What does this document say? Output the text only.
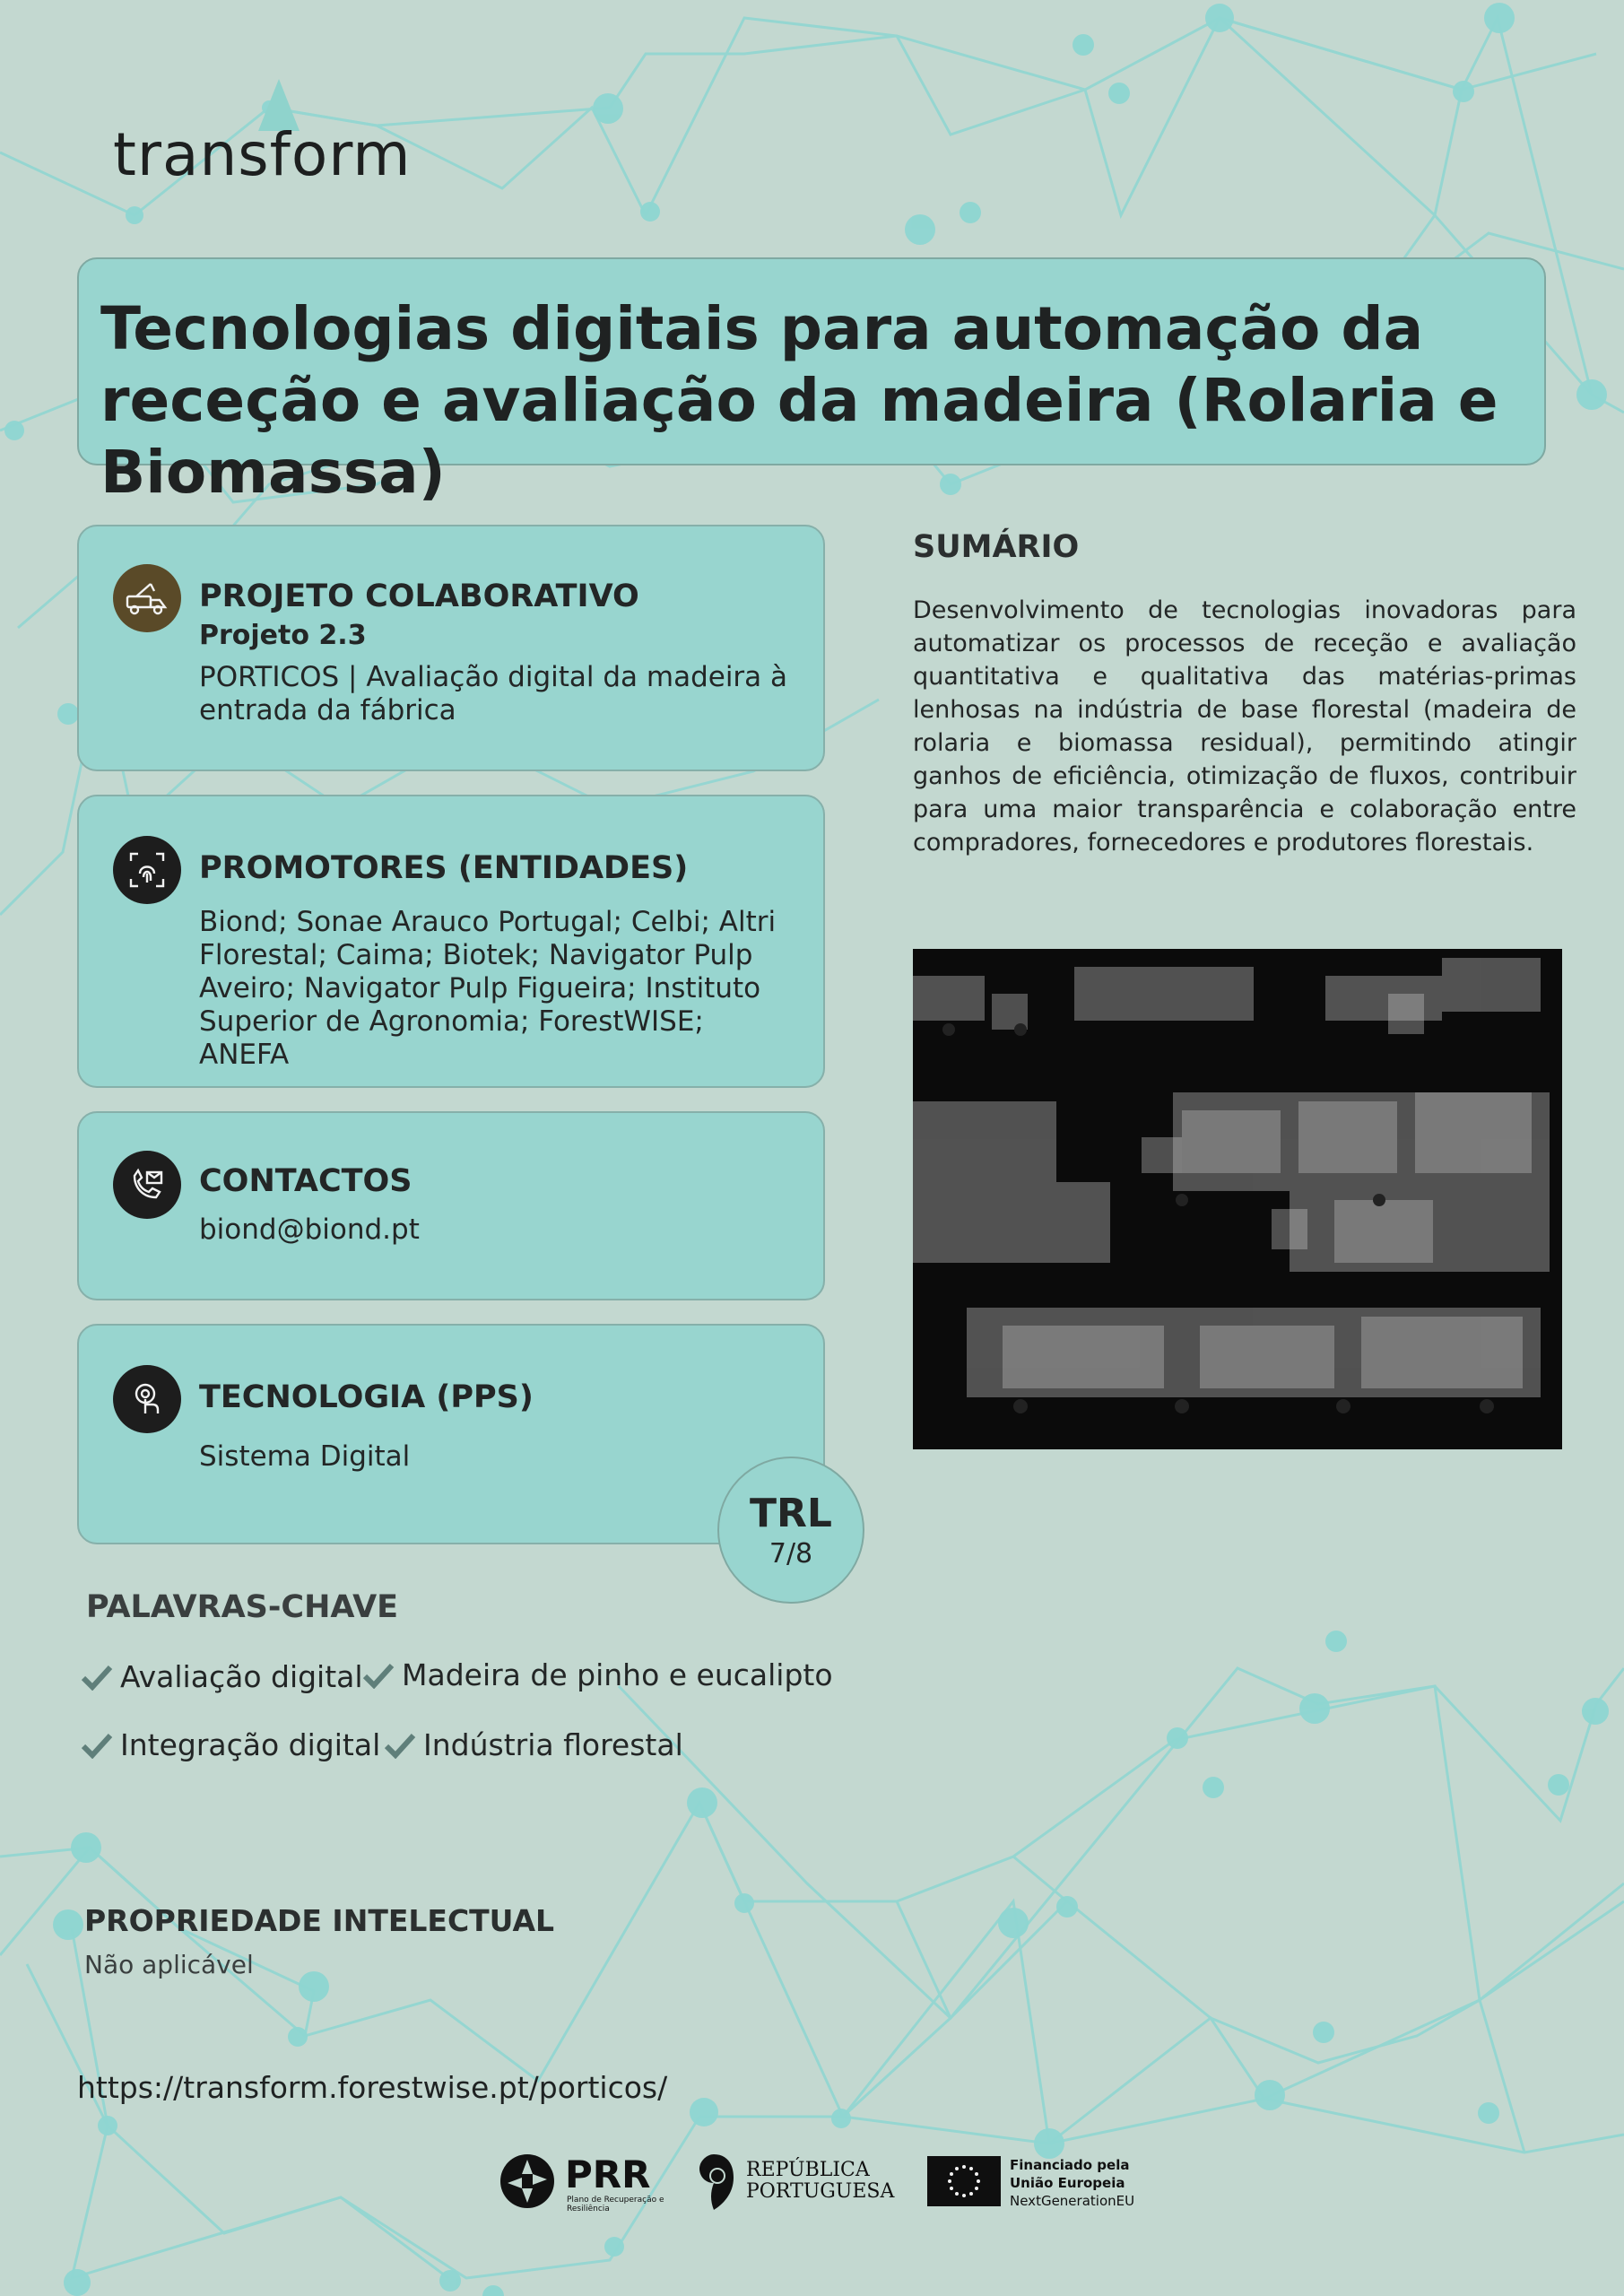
transform
Tecnologias digitais para automação da receção e avaliação da madeira (Rolaria e Biomassa)
PROJETO COLABORATIVO
Projeto 2.3
PORTICOS | Avaliação digital da madeira à entrada da fábrica
PROMOTORES (ENTIDADES)
Biond; Sonae Arauco Portugal; Celbi; Altri Florestal; Caima; Biotek; Navigator Pulp Aveiro; Navigator Pulp Figueira; Instituto Superior de Agronomia; ForestWISE; ANEFA
CONTACTOS
biond@biond.pt
TECNOLOGIA (PPS)
Sistema Digital
TRL
7/8
SUMÁRIO

Desenvolvimento de tecnologias inovadoras para automatizar os processos de receção e avaliação quantitativa e qualitativa das matérias-primas lenhosas na indústria de base florestal (madeira de rolaria e biomassa residual), permitindo atingir ganhos de eficiência, otimização de fluxos, contribuir para uma maior transparência e colaboração entre compradores, fornecedores e produtores florestais.

PALAVRAS-CHAVE
Avaliação digital	Madeira de pinho e eucalipto
Integração digital	Indústria florestal
PROPRIEDADE INTELECTUAL
Não aplicável
https://transform.forestwise.pt/porticos/
PRR
Plano de Recuperação e Resiliência
REPÚBLICA
PORTUGUESA
Financiado pela
União Europeia
NextGenerationEU
